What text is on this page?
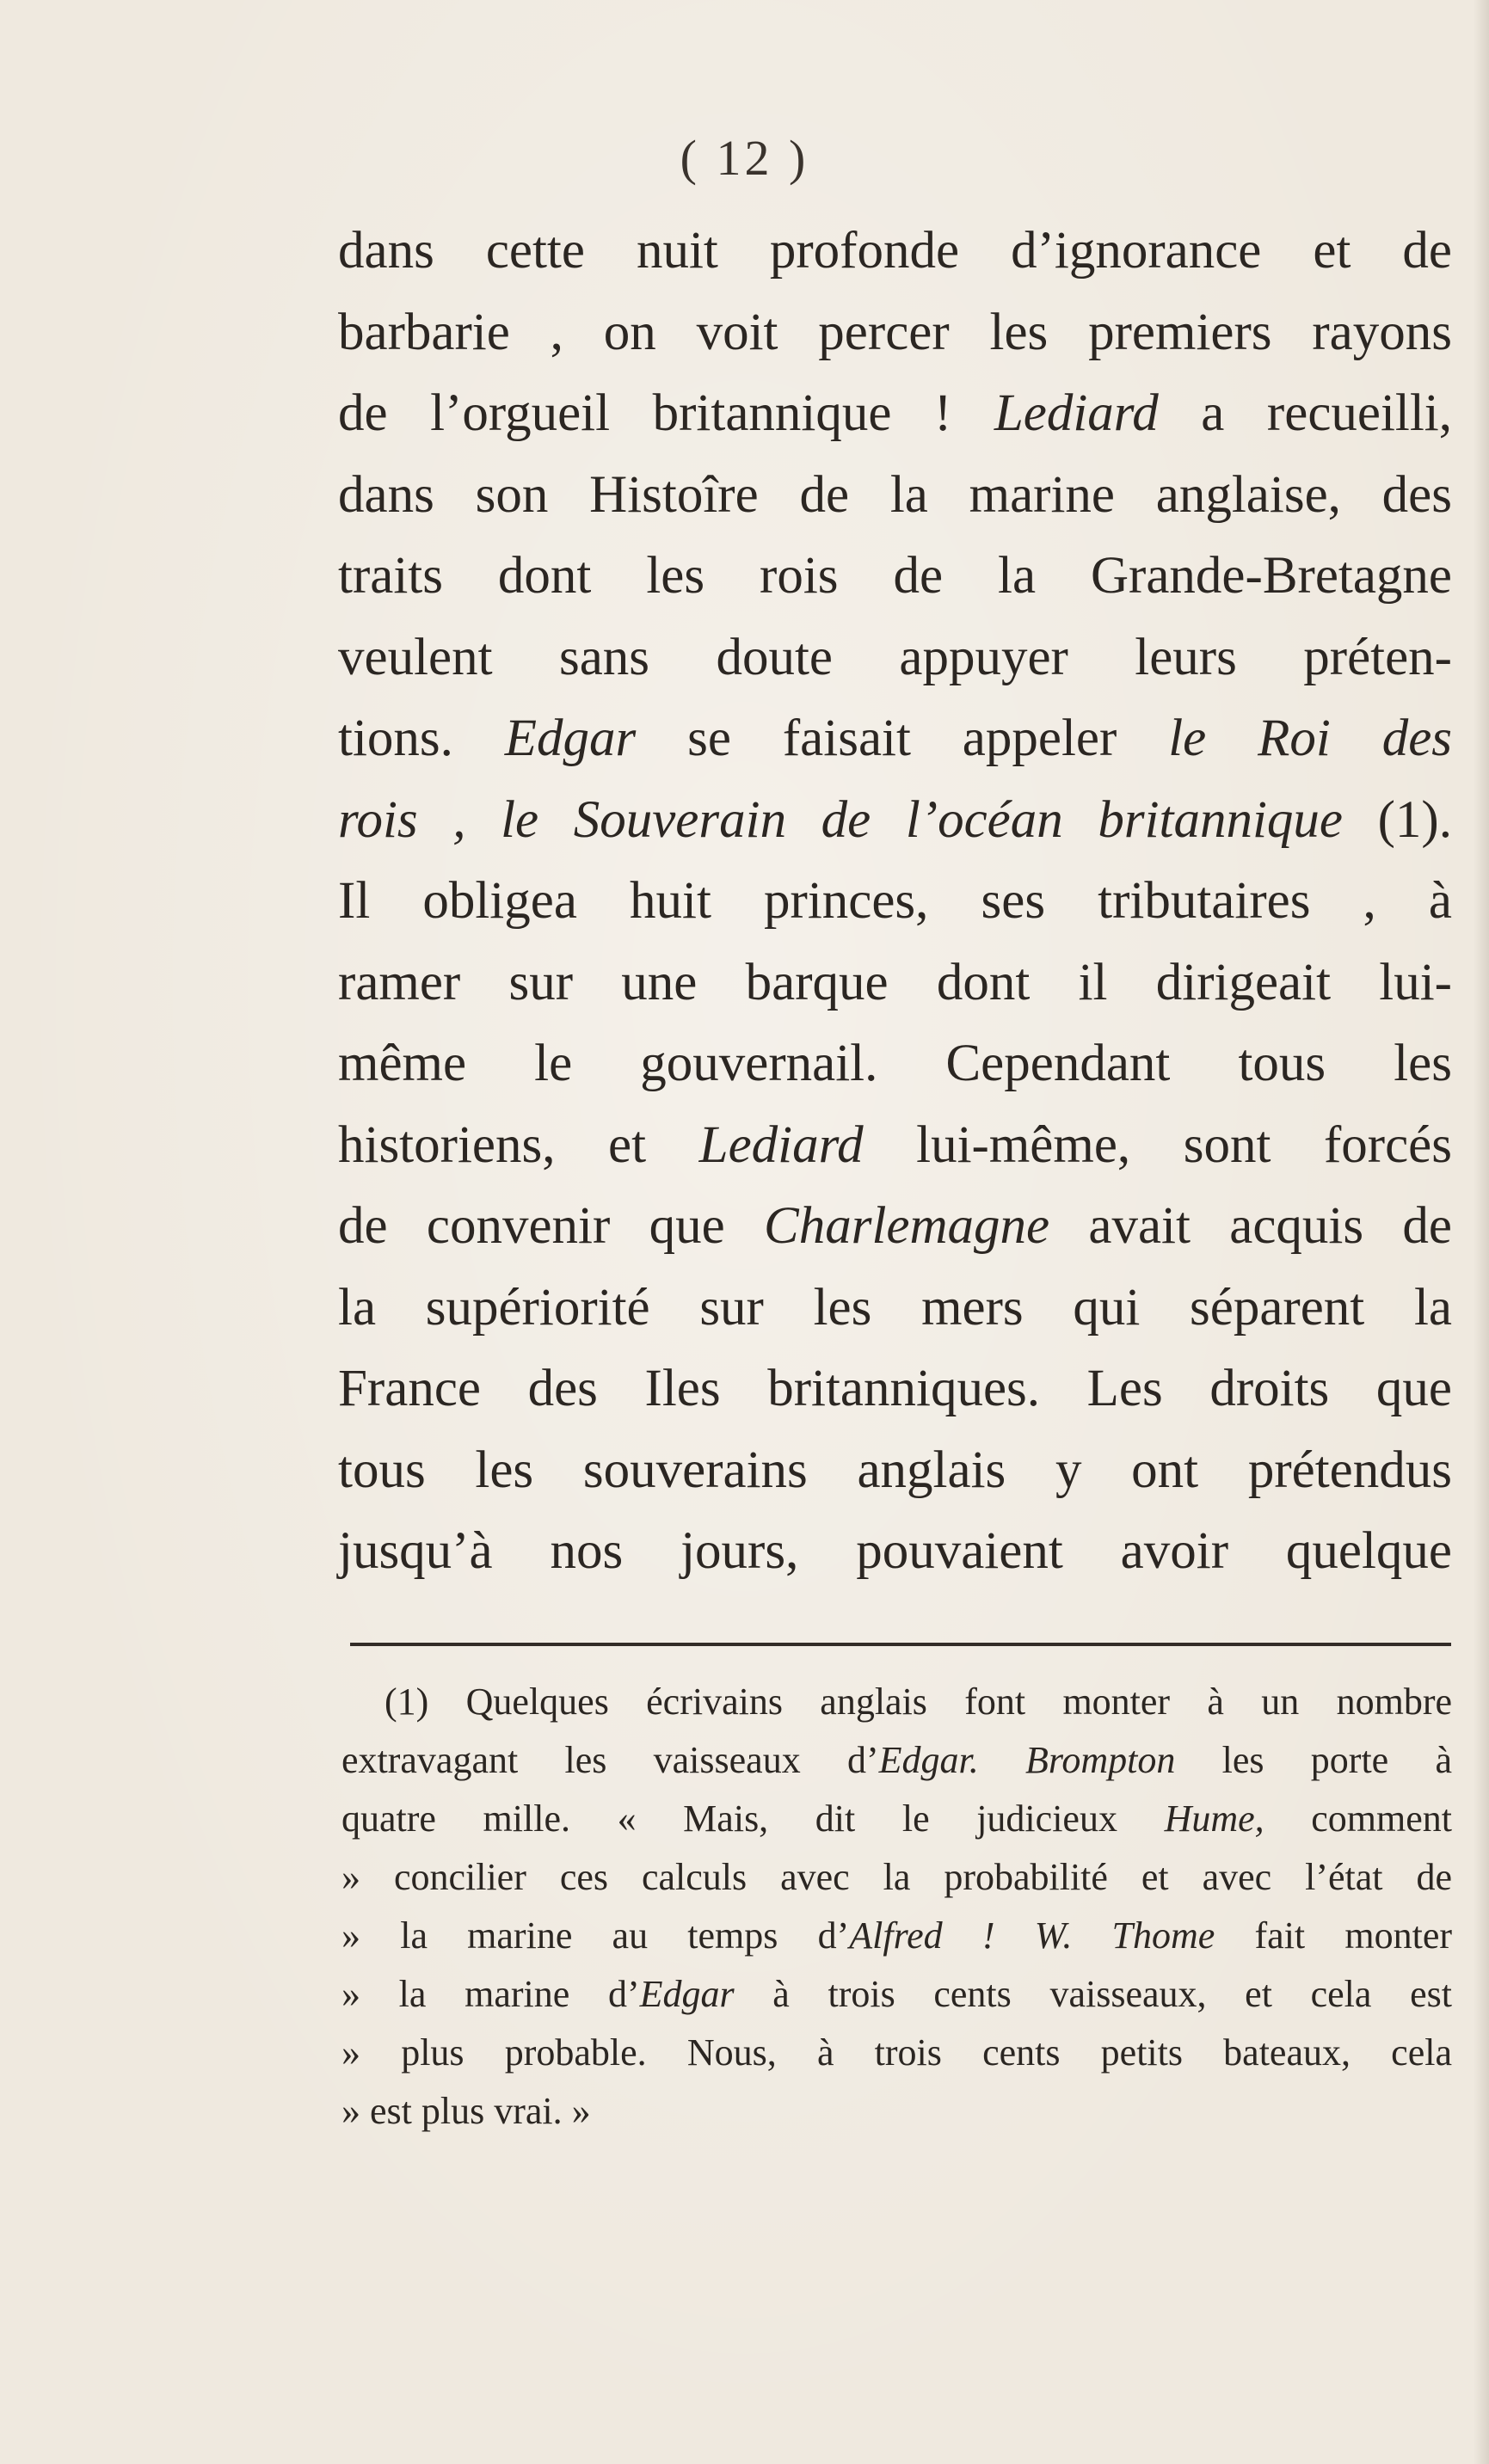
( 12 )
dans cette nuit profonde d’ignorance et de
barbarie , on voit percer les premiers rayons
de l’orgueil britannique ! Lediard a recueilli,
dans son Histoîre de la marine anglaise, des
traits dont les rois de la Grande-Bretagne
veulent sans doute appuyer leurs préten-
tions. Edgar se faisait appeler le Roi des
rois , le Souverain de l’océan britannique (1).
Il obligea huit princes, ses tributaires , à
ramer sur une barque dont il dirigeait lui-
même le gouvernail. Cependant tous les
historiens, et Lediard lui-même, sont forcés
de convenir que Charlemagne avait acquis de
la supériorité sur les mers qui séparent la
France des Iles britanniques. Les droits que
tous les souverains anglais y ont prétendus
jusqu’à nos jours, pouvaient avoir quelque
(1) Quelques écrivains anglais font monter à un nombre
extravagant les vaisseaux d’Edgar. Brompton les porte à
quatre mille. « Mais, dit le judicieux Hume, comment
» concilier ces calculs avec la probabilité et avec l’état de
» la marine au temps d’Alfred ! W. Thome fait monter
» la marine d’Edgar à trois cents vaisseaux, et cela est
» plus probable. Nous, à trois cents petits bateaux, cela
» est plus vrai. »
